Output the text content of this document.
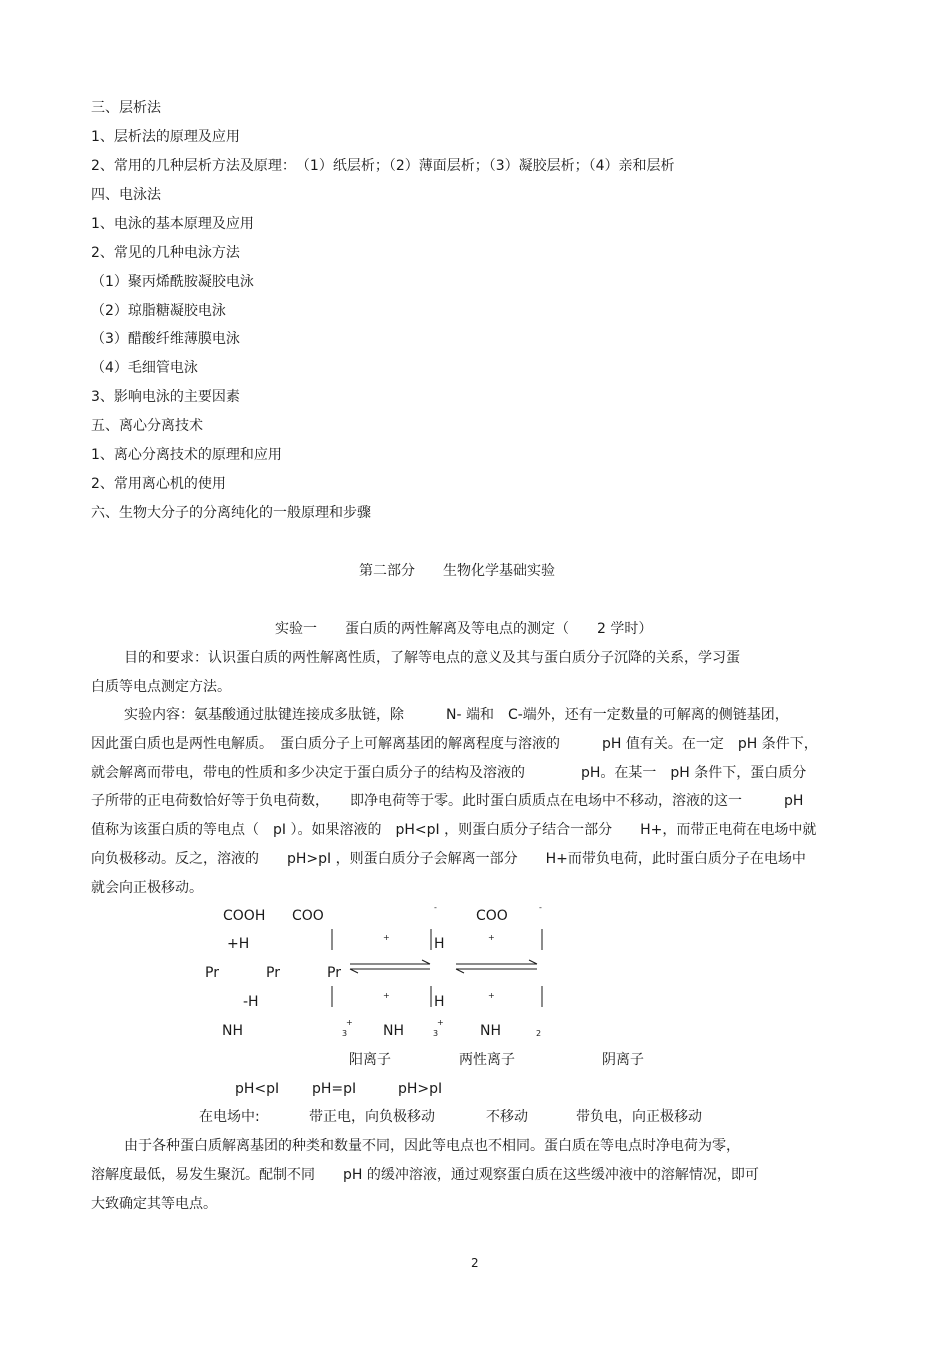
三、层析法
1、层析法的原理及应用
2、常用的几种层析方法及原理：　（1）纸层析；（2）薄面层析；（3）凝胶层析；（4）亲和层析
四、电泳法
1、电泳的基本原理及应用
2、常见的几种电泳方法
（1）聚丙烯酰胺凝胶电泳
（2）琼脂糖凝胶电泳
（3）醋酸纤维薄膜电泳
（4）毛细管电泳
3、影响电泳的主要因素
五、离心分离技术
1、离心分离技术的原理和应用
2、常用离心机的使用
六、生物大分子的分离纯化的一般原理和步骤
第二部分　　生物化学基础实验
实验一　　蛋白质的两性解离及等电点的测定（　　2 学时）
目的和要求：认识蛋白质的两性解离性质，了解等电点的意义及其与蛋白质分子沉降的关系，学习蛋
白质等电点测定方法。
实验内容：氨基酸通过肽键连接成多肽链，除　　　N- 端和　C-端外，还有一定数量的可解离的侧链基团，
因此蛋白质也是两性电解质。　蛋白质分子上可解离基团的解离程度与溶液的　　　pH 值有关。在一定　pH 条件下，
就会解离而带电，带电的性质和多少决定于蛋白质分子的结构及溶液的　　　　pH。在某一　pH 条件下，蛋白质分
子所带的正电荷数恰好等于负电荷数，　　即净电荷等于零。此时蛋白质质点在电场中不移动，溶液的这一　　　pH
值称为该蛋白质的等电点（　pI ）。如果溶液的　pH<pI ，则蛋白质分子结合一部分　　H+，而带正电荷在电场中就
向负极移动。反之，溶液的　　pH>pI ，则蛋白质分子会解离一部分　　H+而带负电荷，此时蛋白质分子在电场中
就会向正极移动。
COOH COO	COO
-	-
+H	+	H	+
Pr	Pr	Pr
-H	+	H	+
NH	3
+
NH	3
+
NH	2
阳离子	两性离子	阴离子
pH<pI pH=pI	pH>pI
在电场中:	带正电，向负极移动	不移动	带负电，向正极移动
由于各种蛋白质解离基团的种类和数量不同，因此等电点也不相同。蛋白质在等电点时净电荷为零，
溶解度最低，易发生聚沉。配制不同　　pH 的缓冲溶液，通过观察蛋白质在这些缓冲液中的溶解情况，即可
大致确定其等电点。
2
